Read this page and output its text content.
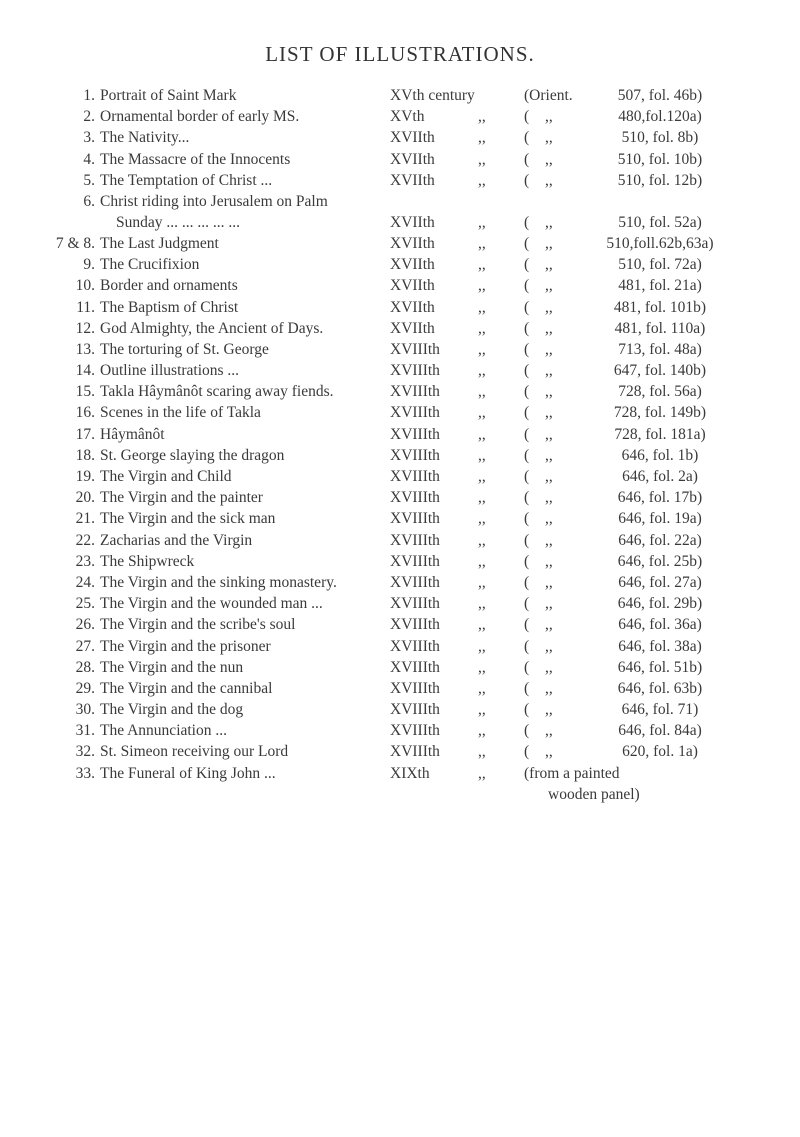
LIST OF ILLUSTRATIONS.
1. Portrait of Saint Mark	XVth century	(Orient.	507, fol. 46b)
2. Ornamental border of early MS.	XVth	,, ( ,,	480,fol.120a)
3. The Nativity...	XVIIth	,, ( ,,	510, fol. 8b)
4. The Massacre of the Innocents	XVIIth	,, ( ,,	510, fol. 10b)
5. The Temptation of Christ ...	XVIIth	,, ( ,,	510, fol. 12b)
6. Christ riding into Jerusalem on Palm
Sunday ... ... ... ... ...	XVIIth	,, ( ,,	510, fol. 52a)
7 & 8. The Last Judgment	XVIIth	,, ( ,,	510,foll.62b,63a)
9. The Crucifixion	XVIIth	,, ( ,,	510, fol. 72a)
10. Border and ornaments	XVIIth	,, ( ,,	481, fol. 21a)
11. The Baptism of Christ	XVIIth	,, ( ,,	481, fol. 101b)
12. God Almighty, the Ancient of Days.	XVIIth	,, ( ,,	481, fol. 110a)
13. The torturing of St. George	XVIIIth ,, ( ,,	713, fol. 48a)
14. Outline illustrations ...	XVIIIth ,, ( ,,	647, fol. 140b)
15. Takla Hâymânôt scaring away fiends.	XVIIIth ,, ( ,,	728, fol. 56a)
16. Scenes in the life of Takla	XVIIIth ,, ( ,,	728, fol. 149b)
17. Hâymânôt	XVIIIth ,, ( ,,	728, fol. 181a)
18. St. George slaying the dragon	XVIIIth ,, ( ,,	646, fol. 1b)
19. The Virgin and Child	XVIIIth ,, ( ,,	646, fol. 2a)
20. The Virgin and the painter	XVIIIth ,, ( ,,	646, fol. 17b)
21. The Virgin and the sick man	XVIIIth ,, ( ,,	646, fol. 19a)
22. Zacharias and the Virgin	XVIIIth ,, ( ,,	646, fol. 22a)
23. The Shipwreck	XVIIIth ,, ( ,,	646, fol. 25b)
24. The Virgin and the sinking monastery.	XVIIIth ,, ( ,,	646, fol. 27a)
25. The Virgin and the wounded man ...	XVIIIth ,, ( ,,	646, fol. 29b)
26. The Virgin and the scribe's soul	XVIIIth ,, ( ,,	646, fol. 36a)
27. The Virgin and the prisoner	XVIIIth ,, ( ,,	646, fol. 38a)
28. The Virgin and the nun	XVIIIth ,, ( ,,	646, fol. 51b)
29. The Virgin and the cannibal	XVIIIth ,, ( ,,	646, fol. 63b)
30. The Virgin and the dog	XVIIIth ,, ( ,,	646, fol. 71)
31. The Annunciation ...	XVIIIth ,, ( ,,	646, fol. 84a)
32. St. Simeon receiving our Lord	XVIIIth ,, ( ,,	620, fol. 1a)
33. The Funeral of King John ...	XIXth	,, (from a painted
wooden panel)
